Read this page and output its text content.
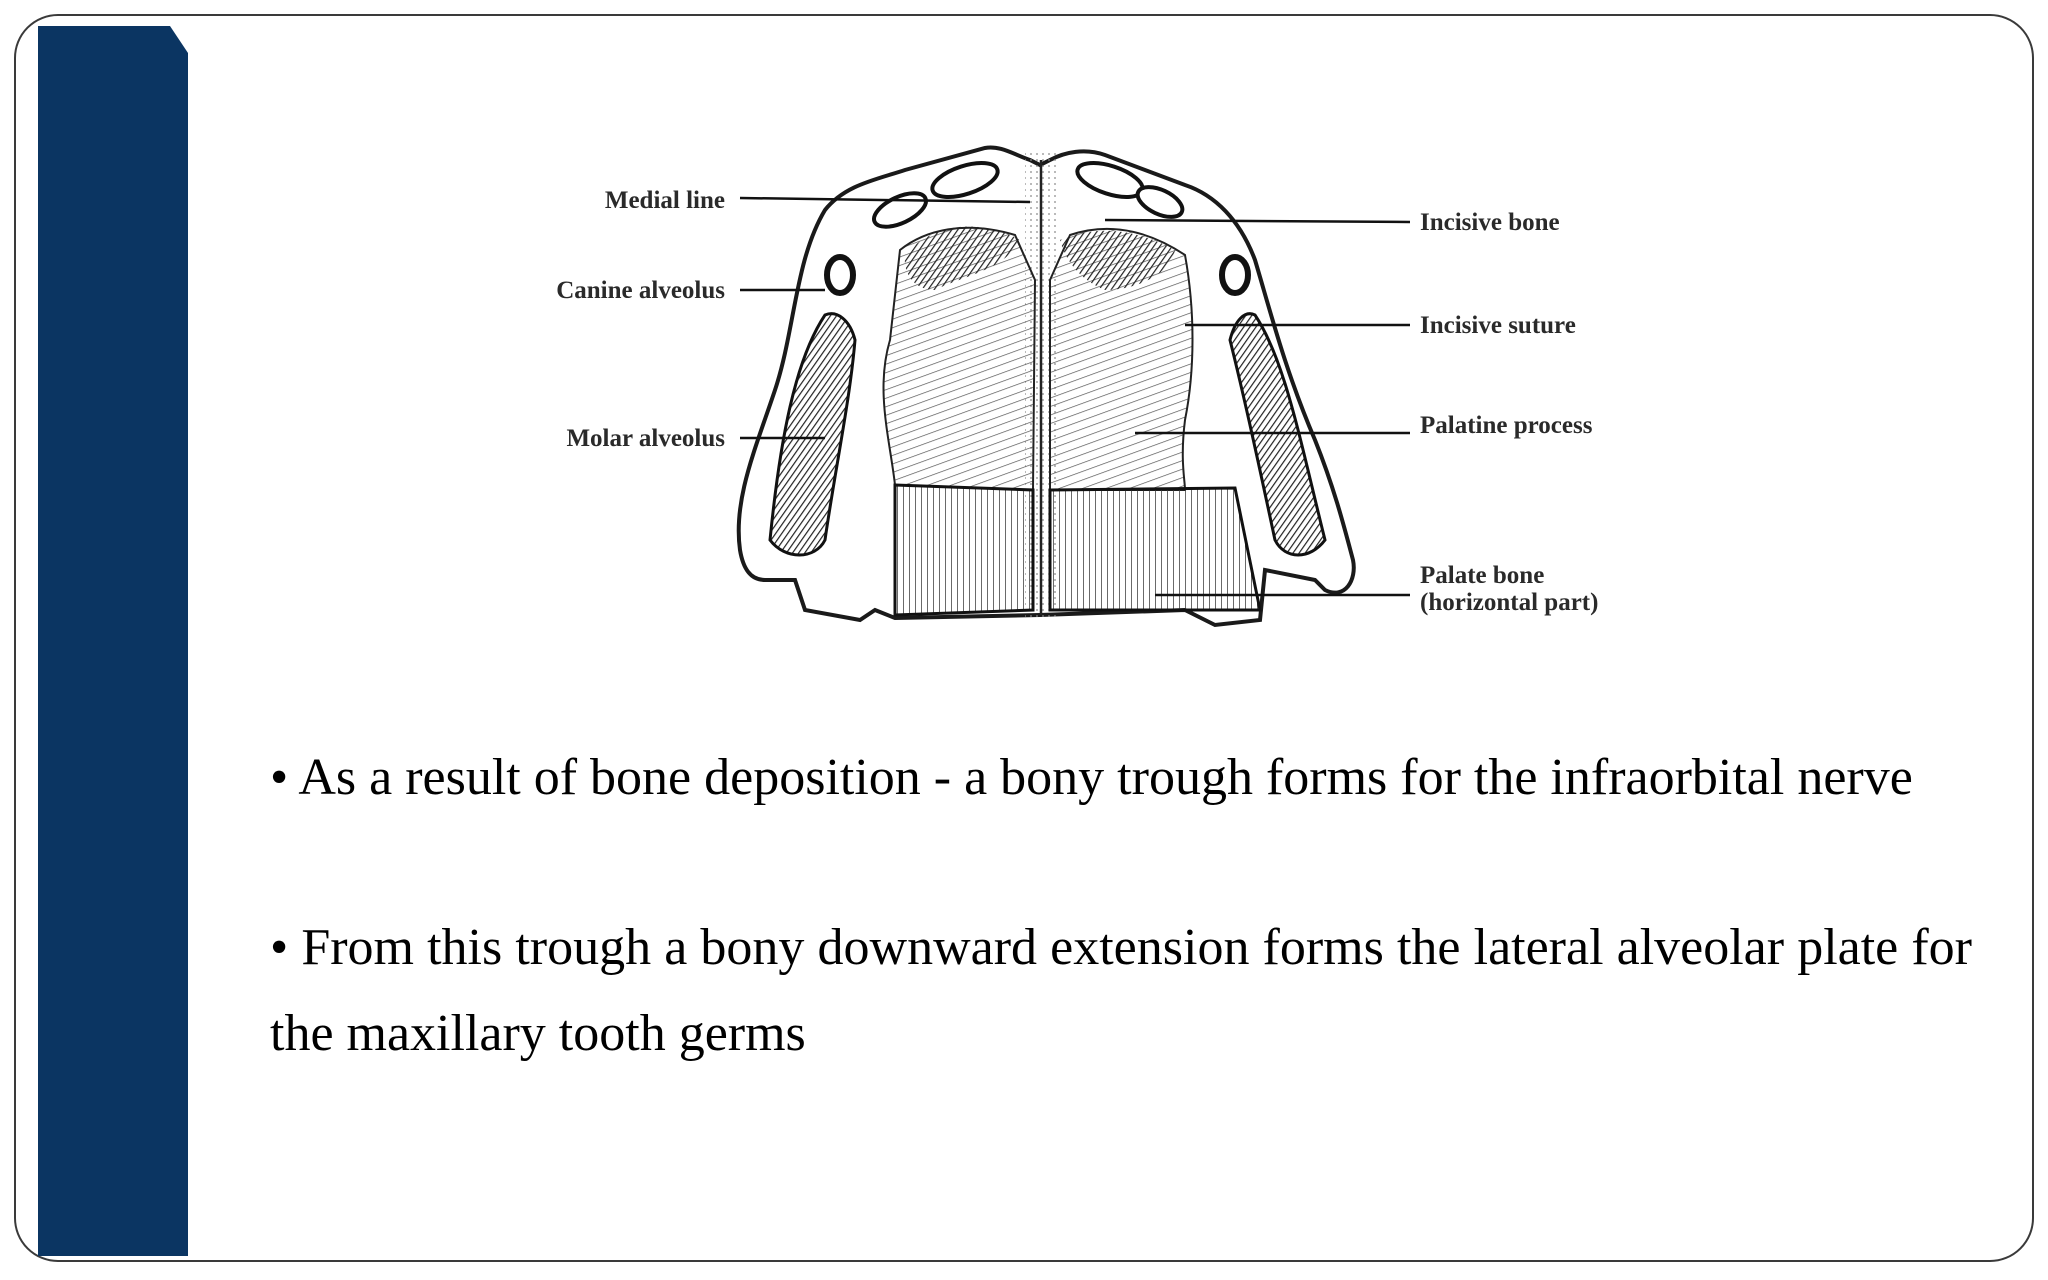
Medial line
Canine alveolus
Molar alveolus
Incisive bone
Incisive suture
Palatine process
Palate bone
(horizontal part)

• As a result of bone deposition - a bony trough forms for the infraorbital nerve

• From this trough a bony downward extension forms the lateral alveolar plate for the maxillary tooth germs
